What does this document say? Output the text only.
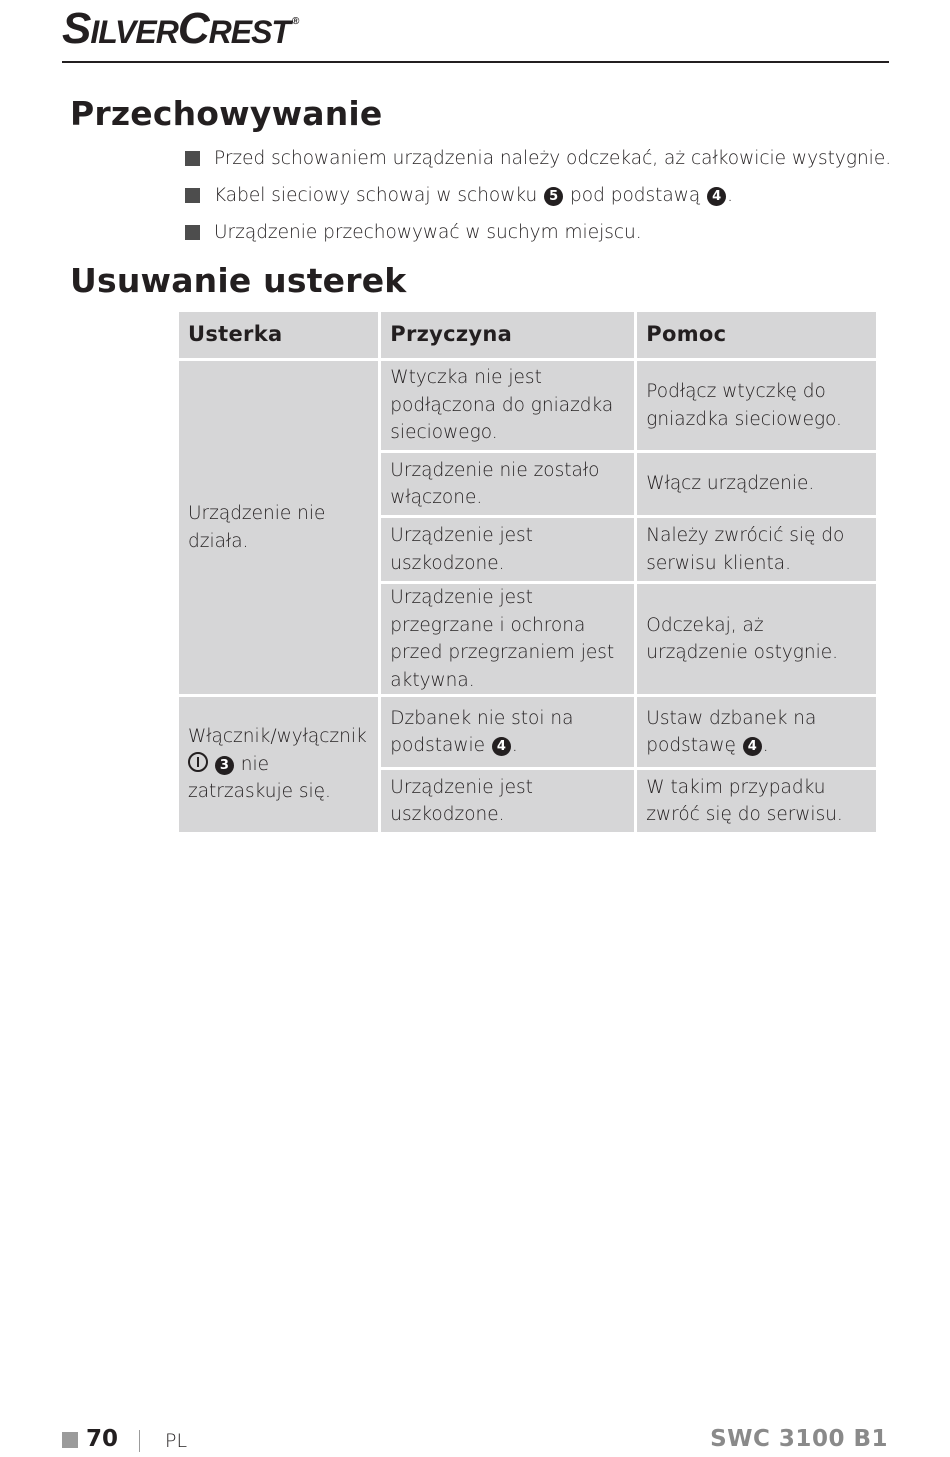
SILVERCREST ®
Przechowywanie
Przed schowaniem urządzenia należy odczekać, aż całkowicie wystygnie.
Kabel sieciowy schowaj w schowku 5 pod podstawą 4 .
Urządzenie przechowywać w suchym miejscu.
Usuwanie usterek
Usterka	Przyczyna	Pomoc
Urządzenie nie działa.	Wtyczka nie jest podłączona do gniazdka sieciowego.	Podłącz wtyczkę do gniazdka sieciowego.
	Urządzenie nie zostało włączone.	Włącz urządzenie.
	Urządzenie jest uszkodzone.	Należy zwrócić się do serwisu klienta.
	Urządzenie jest przegrzane i ochrona przed przegrzaniem jest aktywna.	Odczekaj, aż urządzenie ostygnie.
Włącznik/wyłącznik  3 nie zatrzaskuje się.	Dzbanek nie stoi na podstawie 4 .	Ustaw dzbanek na podstawę 4 .
	Urządzenie jest uszkodzone.	W takim przypadku zwróć się do serwisu.
70 PL	SWC 3100 B1
